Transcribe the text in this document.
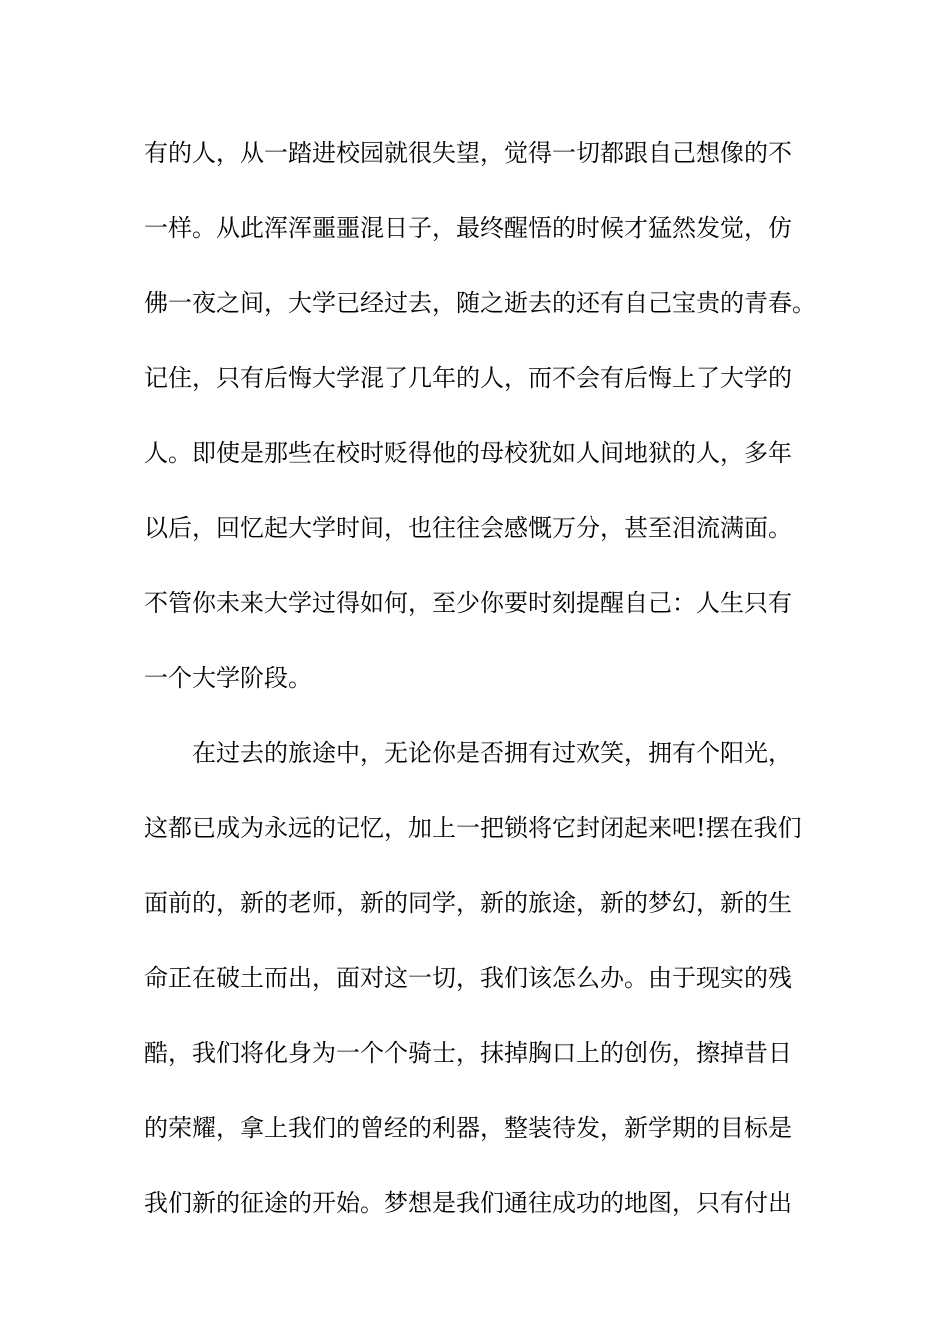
有的人，从一踏进校园就很失望，觉得一切都跟自己想像的不
一样。从此浑浑噩噩混日子，最终醒悟的时候才猛然发觉，仿
佛一夜之间，大学已经过去，随之逝去的还有自己宝贵的青春。
记住，只有后悔大学混了几年的人，而不会有后悔上了大学的
人。即使是那些在校时贬得他的母校犹如人间地狱的人，多年
以后，回忆起大学时间，也往往会感慨万分，甚至泪流满面。
不管你未来大学过得如何，至少你要时刻提醒自己：人生只有
一个大学阶段。
在过去的旅途中，无论你是否拥有过欢笑，拥有个阳光，
这都已成为永远的记忆，加上一把锁将它封闭起来吧!摆在我们
面前的，新的老师，新的同学，新的旅途，新的梦幻，新的生
命正在破土而出，面对这一切，我们该怎么办。由于现实的残
酷，我们将化身为一个个骑士，抹掉胸口上的创伤，擦掉昔日
的荣耀，拿上我们的曾经的利器，整装待发，新学期的目标是
我们新的征途的开始。梦想是我们通往成功的地图，只有付出
